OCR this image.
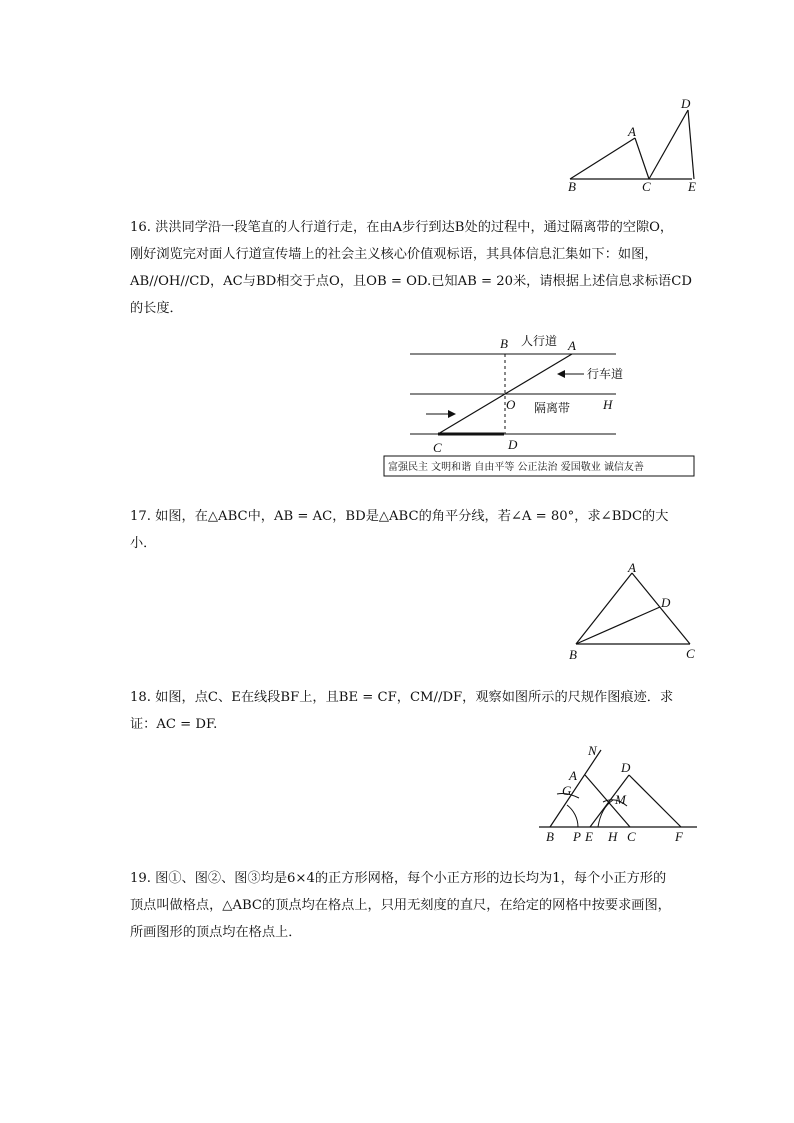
A
B	C
D
E

16. 洪洪同学沿一段笔直的人行道行走，在由A步行到达B处的过程中，通过隔离带的空隙O，

刚好浏览完对面人行道宣传墙上的社会主义核心价值观标语，其具体信息汇集如下：如图，

AB//OH//CD，AC与BD相交于点O，且OB = OD.已知AB = 20米，请根据上述信息求标语CD

的长度．

B	A
O	H
C	D
人行道
行车道
隔离带
富强民主 文明和谐 自由平等 公正法治 爱国敬业 诚信友善

17. 如图，在△ABC中，AB = AC，BD是△ABC的角平分线，若∠A = 80°，求∠BDC的大

小．

A
D
B	C

18. 如图，点C、E在线段BF上，且BE = CF，CM//DF，观察如图所示的尺规作图痕迹．求

证：AC = DF.

N
A
G
D
M
B P E H C	F

19. 图①、图②、图③均是6×4的正方形网格，每个小正方形的边长均为1，每个小正方形的

顶点叫做格点，△ABC的顶点均在格点上，只用无刻度的直尺，在给定的网格中按要求画图，

所画图形的顶点均在格点上．
